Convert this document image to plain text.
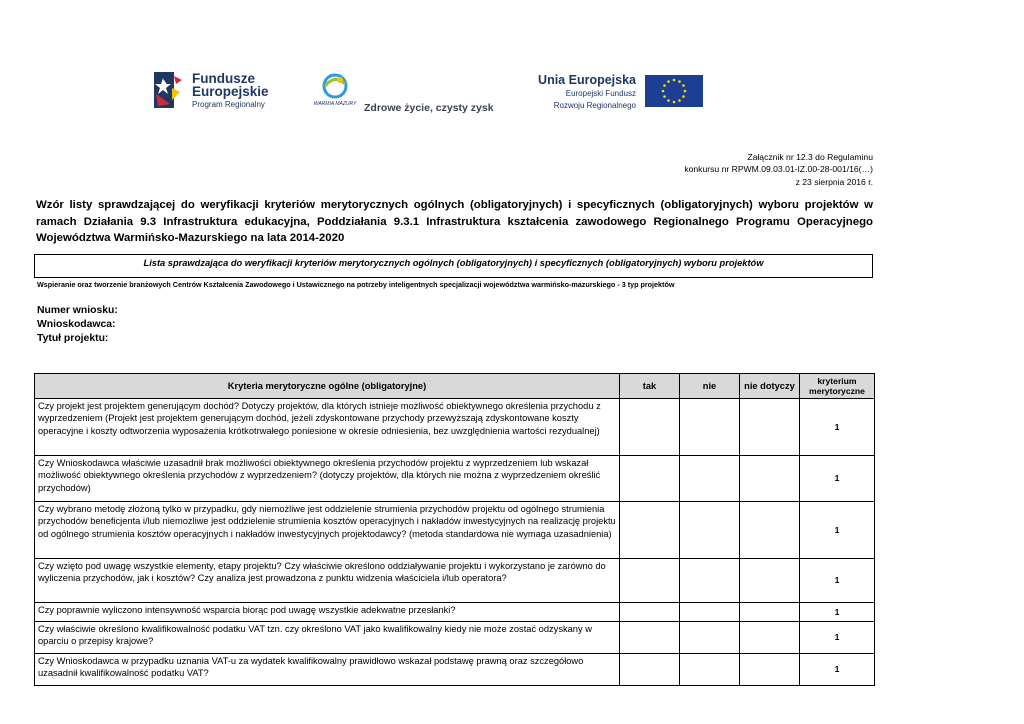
Fundusze
Europejskie
Program Regionalny	WARMIA MAZURY Zdrowe życie, czysty zysk
Unia Europejska
Europejski Fundusz
Rozwoju Regionalnego
Załącznik nr 12.3 do Regulaminu
konkursu nr RPWM.09.03.01-IZ.00-28-001/16(…)
z 23 sierpnia 2016 r.
Wzór listy sprawdzającej do weryfikacji kryteriów merytorycznych ogólnych (obligatoryjnych) i specyficznych (obligatoryjnych) wyboru projektów w ramach Działania 9.3 Infrastruktura edukacyjna, Poddziałania 9.3.1 Infrastruktura kształcenia zawodowego Regionalnego Programu Operacyjnego Województwa Warmińsko-Mazurskiego na lata 2014-2020
Lista sprawdzająca do weryfikacji kryteriów merytorycznych ogólnych (obligatoryjnych) i specyficznych (obligatoryjnych) wyboru projektów
Wspieranie oraz tworzenie branżowych Centrów Kształcenia Zawodowego i Ustawicznego na potrzeby inteligentnych specjalizacji województwa warmińsko-mazurskiego - 3 typ projektów
Numer wniosku:
Wnioskodawca:
Tytuł projektu:
Kryteria merytoryczne ogólne (obligatoryjne)	tak	nie	nie dotyczy	kryterium
merytoryczne

Czy projekt jest projektem generującym dochód? Dotyczy projektów, dla których istnieje możliwość obiektywnego określenia przychodu z wyprzedzeniem (Projekt jest projektem generującym dochód, jeżeli zdyskontowane przychody przewyższają zdyskontowane koszty operacyjne i koszty odtworzenia wyposażenia krótkotrwałego poniesione w okresie odniesienia, bez uwzględnienia wartości rezydualnej)				1
Czy Wnioskodawca właściwie uzasadnił brak możliwości obiektywnego określenia przychodów projektu z wyprzedzeniem lub wskazał możliwość obiektywnego określenia przychodów z wyprzedzeniem? (dotyczy projektów, dla których nie można z wyprzedzeniem określić przychodów)				1
Czy wybrano metodę złożoną tylko w przypadku, gdy niemożliwe jest oddzielenie strumienia przychodów projektu od ogólnego strumienia przychodów beneficjenta i/lub niemożliwe jest oddzielenie strumienia kosztów operacyjnych i nakładów inwestycyjnych na realizację projektu od ogólnego strumienia kosztów operacyjnych i nakładów inwestycyjnych projektodawcy? (metoda standardowa nie wymaga uzasadnienia)				1
Czy wzięto pod uwagę wszystkie elementy, etapy projektu? Czy właściwie określono oddziaływanie projektu i wykorzystano je zarówno do wyliczenia przychodów, jak i kosztów? Czy analiza jest prowadzona z punktu widzenia właściciela i/lub operatora?				1
Czy poprawnie wyliczono intensywność wsparcia biorąc pod uwagę wszystkie adekwatne przesłanki?				1
Czy właściwie określono kwalifikowalność podatku VAT tzn. czy określono VAT jako kwalifikowalny kiedy nie może zostać odzyskany w oparciu o przepisy krajowe?				1
Czy Wnioskodawca w przypadku uznania VAT-u za wydatek kwalifikowalny prawidłowo wskazał podstawę prawną oraz szczegółowo uzasadnił kwalifikowalność podatku VAT?				1
